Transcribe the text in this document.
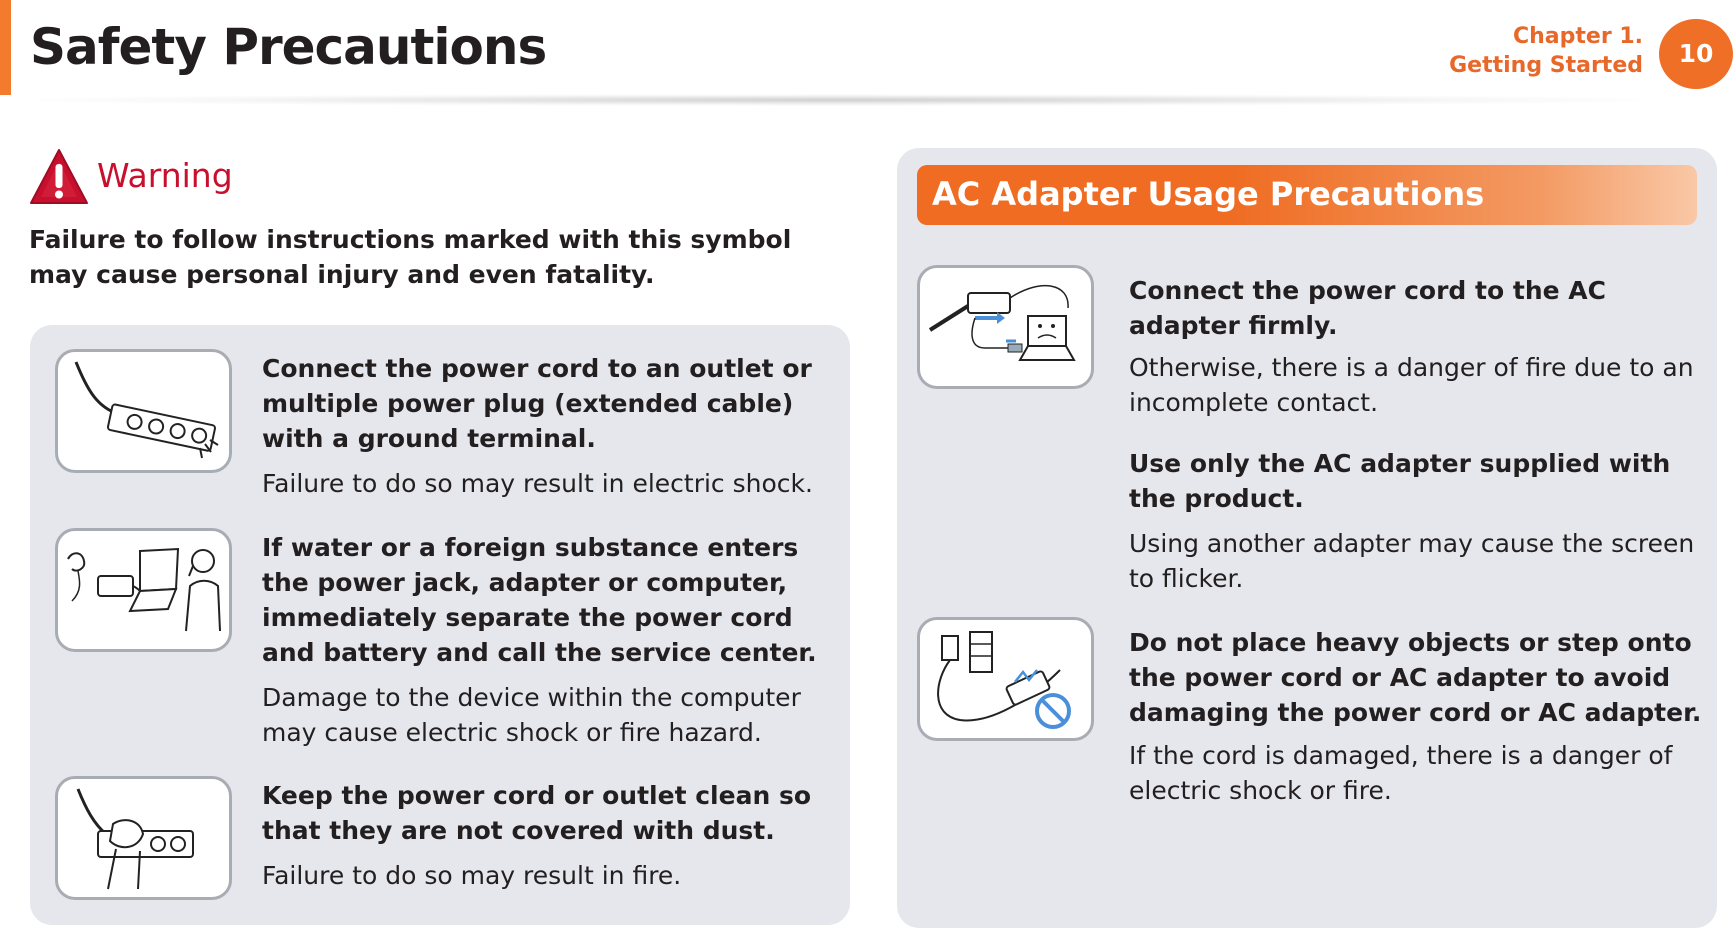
Safety Precautions	Chapter 1.
Getting Started	10
Warning
Failure to follow instructions marked with this symbol may cause personal injury and even fatality.
Connect the power cord to an outlet or multiple power plug (extended cable) with a ground terminal.
Failure to do so may result in electric shock.
If water or a foreign substance enters the power jack, adapter or computer, immediately separate the power cord and battery and call the service center.
Damage to the device within the computer may cause electric shock or ﬁre hazard.
Keep the power cord or outlet clean so that they are not covered with dust.
Failure to do so may result in ﬁre.
AC Adapter Usage Precautions
Connect the power cord to the AC adapter ﬁrmly.
Otherwise, there is a danger of ﬁre due to an incomplete contact.
Use only the AC adapter supplied with the product.
Using another adapter may cause the screen to ﬂicker.
Do not place heavy objects or step onto the power cord or AC adapter to avoid damaging the power cord or AC adapter.
If the cord is damaged, there is a danger of electric shock or ﬁre.
